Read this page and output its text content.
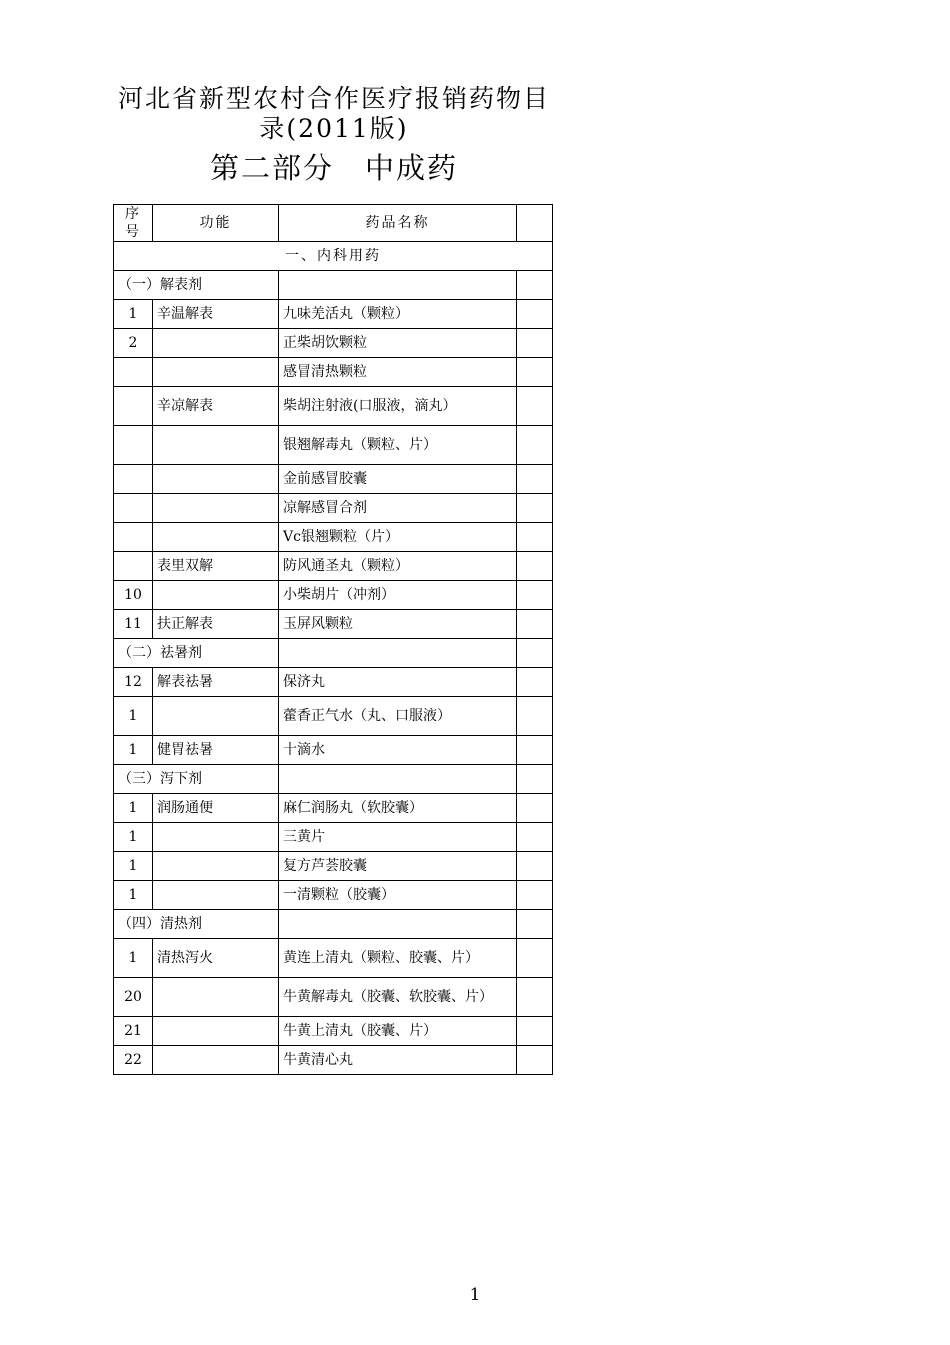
河北省新型农村合作医疗报销药物目
录(2011版)
第二部分　中成药
序号	功能	药品名称	
一、内科用药			
（一）解表剂			
1	辛温解表	九味羌活丸（颗粒）	
2		正柴胡饮颗粒	
		感冒清热颗粒	
	辛凉解表	柴胡注射液(口服液，滴丸）	
		银翘解毒丸（颗粒、片）	
		金前感冒胶囊	
		凉解感冒合剂	
		Vc银翘颗粒（片）	
	表里双解	防风通圣丸（颗粒）	
10		小柴胡片（冲剂）	
11	扶正解表	玉屏风颗粒	
（二）祛暑剂			
12	解表祛暑	保济丸	
1		藿香正气水（丸、口服液）	
1	健胃祛暑	十滴水	
（三）泻下剂			
1	润肠通便	麻仁润肠丸（软胶囊）	
1		三黄片	
1		复方芦荟胶囊	
1		一清颗粒（胶囊）	
（四）清热剂			
1	清热泻火	黄连上清丸（颗粒、胶囊、片）	
20		牛黄解毒丸（胶囊、软胶囊、片）	
21		牛黄上清丸（胶囊、片）	
22		牛黄清心丸	
1
